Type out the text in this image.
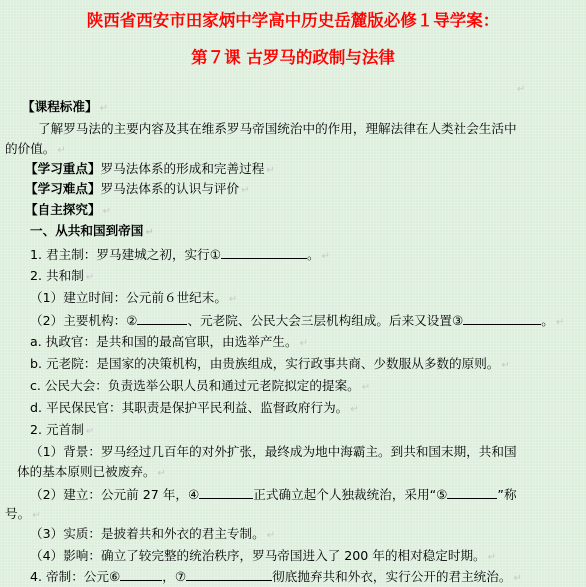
陕西省西安市田家炳中学高中历史岳麓版必修１导学案：
第７课 古罗马的政制与法律
↵
【课程标准】 ↵
了解罗马法的主要内容及其在维系罗马帝国统治中的作用，理解法律在人类社会生活中
的价值。 ↵
【学习重点】罗马法体系的形成和完善过程 ↵
【学习难点】罗马法体系的认识与评价 ↵
【自主探究】 ↵
一、从共和国到帝国 ↵
1. 君主制：罗马建城之初，实行①	。 ↵
2. 共和制 ↵
（1）建立时间：公元前６世纪末。 ↵
（2）主要机构：②	、元老院、公民大会三层机构组成。后来又设置③	。 ↵
a. 执政官：是共和国的最高官职，由选举产生。 ↵
b. 元老院：是国家的决策机构，由贵族组成，实行政事共商、少数服从多数的原则。 ↵
c. 公民大会：负责选举公职人员和通过元老院拟定的提案。 ↵
d. 平民保民官：其职责是保护平民利益、监督政府行为。 ↵
2. 元首制 ↵
（1）背景：罗马经过几百年的对外扩张，最终成为地中海霸主。到共和国末期，共和国
体的基本原则已被废弃。 ↵
（2）建立：公元前 27 年，④	正式确立起个人独裁统治，采用“⑤	”称
号。 ↵
（3）实质：是披着共和外衣的君主专制。 ↵
（4）影响：确立了较完整的统治秩序，罗马帝国进入了 200 年的相对稳定时期。 ↵
4. 帝制：公元⑥	，⑦	彻底抛弃共和外衣，实行公开的君主统治。 ↵
